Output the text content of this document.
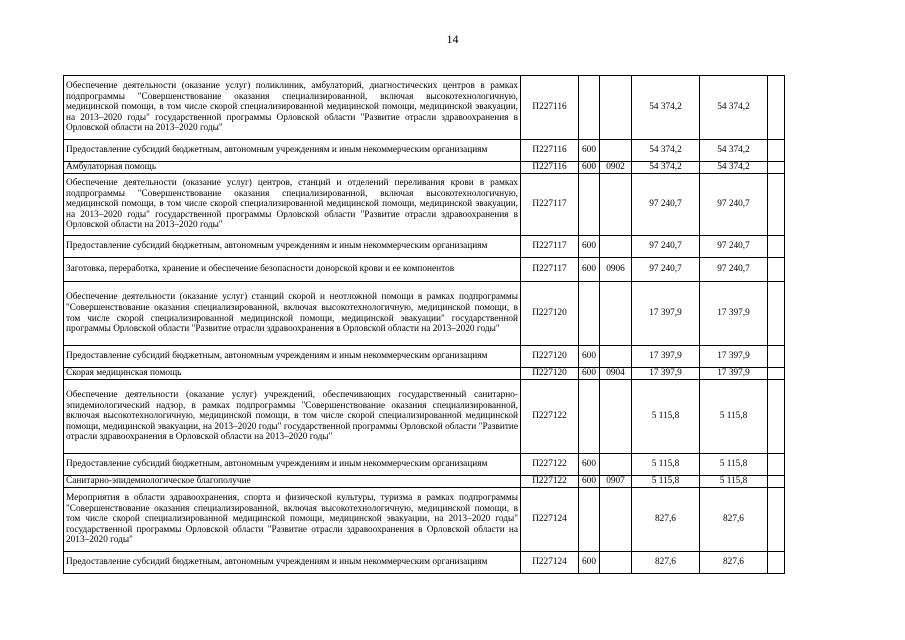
14
Обеспечение деятельности (оказание услуг) поликлиник, амбулаторий, диагностических центров в рамках подпрограммы "Совершенствование оказания специализированной, включая высокотехнологичную, медицинской помощи, в том числе скорой специализированной медицинской помощи, медицинской эвакуации, на 2013–2020 годы" государственной программы Орловской области "Развитие отрасли здравоохранения в Орловской области на 2013–2020 годы"	П227116			54 374,2	54 374,2	
Предоставление субсидий бюджетным, автономным учреждениям и иным некоммерческим организациям	П227116	600		54 374,2	54 374,2	
Амбулаторная помощь	П227116	600	0902	54 374,2	54 374,2	
Обеспечение деятельности (оказание услуг) центров, станций и отделений переливания крови в рамках подпрограммы "Совершенствование оказания специализированной, включая высокотехнологичную, медицинской помощи, в том числе скорой специализированной медицинской помощи, медицинской эвакуации, на 2013–2020 годы" государственной программы Орловской области "Развитие отрасли здравоохранения в Орловской области на 2013–2020 годы"	П227117			97 240,7	97 240,7	
Предоставление субсидий бюджетным, автономным учреждениям и иным некоммерческим организациям	П227117	600		97 240,7	97 240,7	
Заготовка, переработка, хранение и обеспечение безопасности донорской крови и ее компонентов	П227117	600	0906	97 240,7	97 240,7	
Обеспечение деятельности (оказание услуг) станций скорой и неотложной помощи в рамках подпрограммы "Совершенствование оказания специализированной, включая высокотехнологичную, медицинской помощи, в том числе скорой специализированной медицинской помощи, медицинской эвакуации" государственной программы Орловской области "Развитие отрасли здравоохранения в Орловской области на 2013–2020 годы"	П227120			17 397,9	17 397,9	
Предоставление субсидий бюджетным, автономным учреждениям и иным некоммерческим организациям	П227120	600		17 397,9	17 397,9	
Скорая медицинская помощь	П227120	600	0904	17 397,9	17 397,9	
Обеспечение деятельности (оказание услуг) учреждений, обеспечивающих государственный санитарно-эпидемиологический надзор, в рамках подпрограммы "Совершенствование оказания специализированной, включая высокотехнологичную, медицинской помощи, в том числе скорой специализированной медицинской помощи, медицинской эвакуации, на 2013–2020 годы" государственной программы Орловской области "Развитие отрасли здравоохранения в Орловской области на 2013–2020 годы"	П227122			5 115,8	5 115,8	
Предоставление субсидий бюджетным, автономным учреждениям и иным некоммерческим организациям	П227122	600		5 115,8	5 115,8	
Санитарно-эпидемиологическое благополучие	П227122	600	0907	5 115,8	5 115,8	
Мероприятия в области здравоохранения, спорта и физической культуры, туризма в рамках подпрограммы "Совершенствование оказания специализированной, включая высокотехнологичную, медицинской помощи, в том числе скорой специализированной медицинской помощи, медицинской эвакуации, на 2013–2020 годы" государственной программы Орловской области "Развитие отрасли здравоохранения в Орловской области на 2013–2020 годы"	П227124			827,6	827,6	
Предоставление субсидий бюджетным, автономным учреждениям и иным некоммерческим организациям	П227124	600		827,6	827,6	
